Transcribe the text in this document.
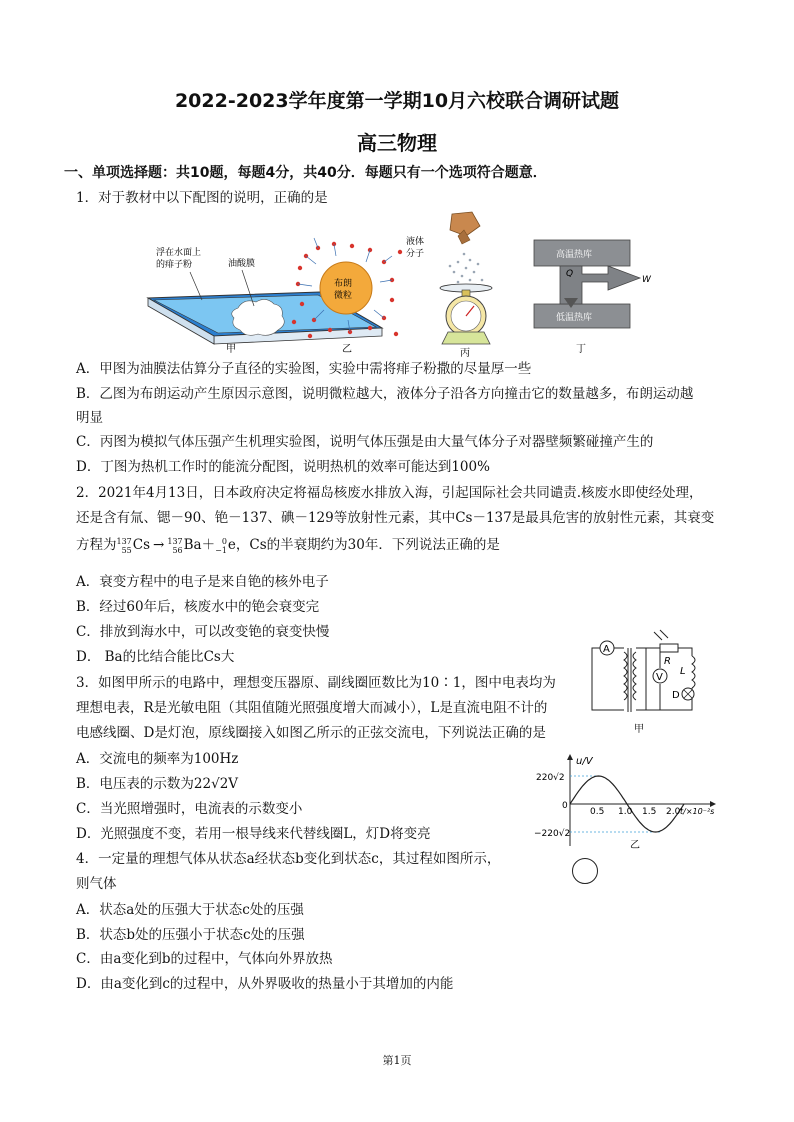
2022-2023学年度第一学期10月六校联合调研试题
高三物理
一、单项选择题：共10题，每题4分，共40分．每题只有一个选项符合题意．
1．对于教材中以下配图的说明，正确的是
浮在水面上
的痱子粉	油酸膜
甲
布朗
微粒
液体
分子
乙	丙
高温热库
低温热库
Q
W
丁
A．甲图为油膜法估算分子直径的实验图，实验中需将痱子粉撒的尽量厚一些
B．乙图为布朗运动产生原因示意图，说明微粒越大，液体分子沿各方向撞击它的数量越多，布朗运动越
明显
C．丙图为模拟气体压强产生机理实验图，说明气体压强是由大量气体分子对器壁频繁碰撞产生的
D．丁图为热机工作时的能流分配图，说明热机的效率可能达到100%
2．2021年4月13日，日本政府决定将福岛核废水排放入海，引起国际社会共同谴责.核废水即使经处理，
还是含有氚、锶－90、铯－137、碘－129等放射性元素，其中Cs－137是最具危害的放射性元素，其衰变
方程为137
55Cs → 137
56Ba＋ 0
−1e，Cs的半衰期约为30年．下列说法正确的是
A．衰变方程中的电子是来自铯的核外电子
B．经过60年后，核废水中的铯会衰变完
C．排放到海水中，可以改变铯的衰变快慢
D． Ba的比结合能比Cs大	A
V
R
L
D
甲
3．如图甲所示的电路中，理想变压器原、副线圈匝数比为10∶1，图中电表均为
理想电表，R是光敏电阻（其阻值随光照强度增大而减小），L是直流电阻不计的
电感线圈、D是灯泡，原线圈接入如图乙所示的正弦交流电，下列说法正确的是
A．交流电的频率为100Hz
B．电压表的示数为22√2V
C．当光照增强时，电流表的示数变小
D．光照强度不变，若用一根导线来代替线圈L，灯D将变亮
u/V
220√2
−220√2
0
0.5 1.0 1.5 2.0 t/×10⁻²s
乙
4．一定量的理想气体从状态a经状态b变化到状态c，其过程如图所示，
则气体
A．状态a处的压强大于状态c处的压强
B．状态b处的压强小于状态c处的压强
C．由a变化到b的过程中，气体向外界放热
D．由a变化到c的过程中，从外界吸收的热量小于其增加的内能
第1页
